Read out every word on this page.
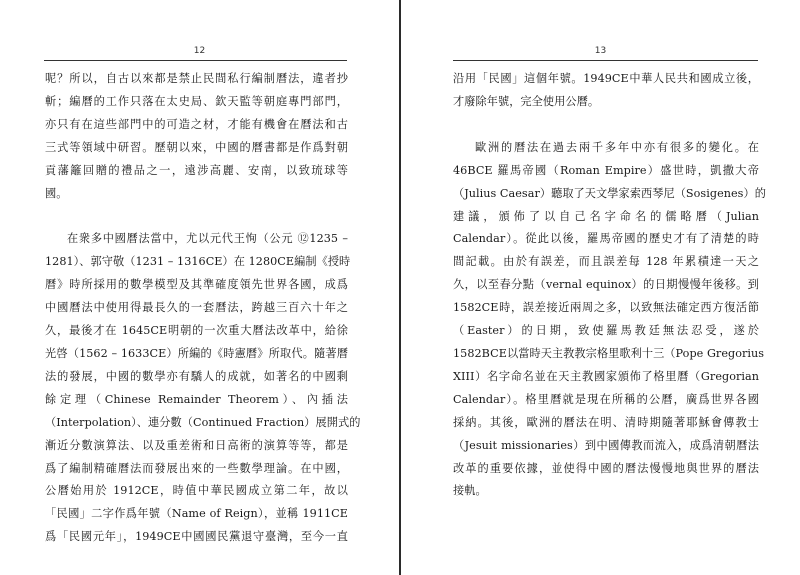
12
呢？所以，自古以來都是禁止民間私行編制曆法，違者抄
斬；編曆的工作只落在太史局、欽天監等朝庭專門部門，
亦只有在這些部門中的可造之材，才能有機會在曆法和古
三式等領域中研習。歷朝以來，中國的曆書都是作爲對朝
貢藩籬回贈的禮品之一，遠涉高麗、安南，以致琉球等
國。
在衆多中國曆法當中，尤以元代王恂（公元 ⑫1235 –
1281）、郭守敬（1231 – 1316CE）在 1280CE編制《授時
曆》時所採用的數學模型及其準確度領先世界各國，成爲
中國曆法中使用得最長久的一套曆法，跨越三百六十年之
久，最後才在 1645CE明朝的一次重大曆法改革中，給徐
光啓（1562 – 1633CE）所編的《時憲曆》所取代。隨著曆
法的發展，中國的數學亦有驕人的成就，如著名的中國剩
餘定理（Chinese Remainder Theorem）、內插法
（Interpolation）、連分數（Continued Fraction）展開式的
漸近分數演算法、以及重差術和日高術的演算等等，都是
爲了編制精確曆法而發展出來的一些數學理論。在中國，
公曆始用於 1912CE，時值中華民國成立第二年，故以
「民國」二字作爲年號（Name of Reign），並稱 1911CE
爲「民國元年」，1949CE中國國民黨退守臺灣，至今一直
13
沿用「民國」這個年號。1949CE中華人民共和國成立後，
才廢除年號，完全使用公曆。
歐洲的曆法在過去兩千多年中亦有很多的變化。在
46BCE 羅馬帝國（Roman Empire）盛世時，凱撒大帝
（Julius Caesar）聽取了天文學家索西琴尼（Sosigenes）的
建議，頒佈了以自己名字命名的儒略曆（Julian
Calendar）。從此以後，羅馬帝國的歷史才有了清楚的時
間記載。由於有誤差，而且誤差每 128 年累積達一天之
久，以至春分點（vernal equinox）的日期慢慢年後移。到
1582CE時，誤差接近兩周之多，以致無法確定西方復活節
（Easter）的日期，致使羅馬教廷無法忍受，遂於
1582BCE以當時天主教教宗格里歌利十三（Pope Gregorius
XIII）名字命名並在天主教國家頒佈了格里曆（Gregorian
Calendar）。格里曆就是現在所稱的公曆，廣爲世界各國
採納。其後，歐洲的曆法在明、清時期隨著耶穌會傳教士
（Jesuit missionaries）到中國傳教而流入，成爲清朝曆法
改革的重要依據，並使得中國的曆法慢慢地與世界的曆法
接軌。
